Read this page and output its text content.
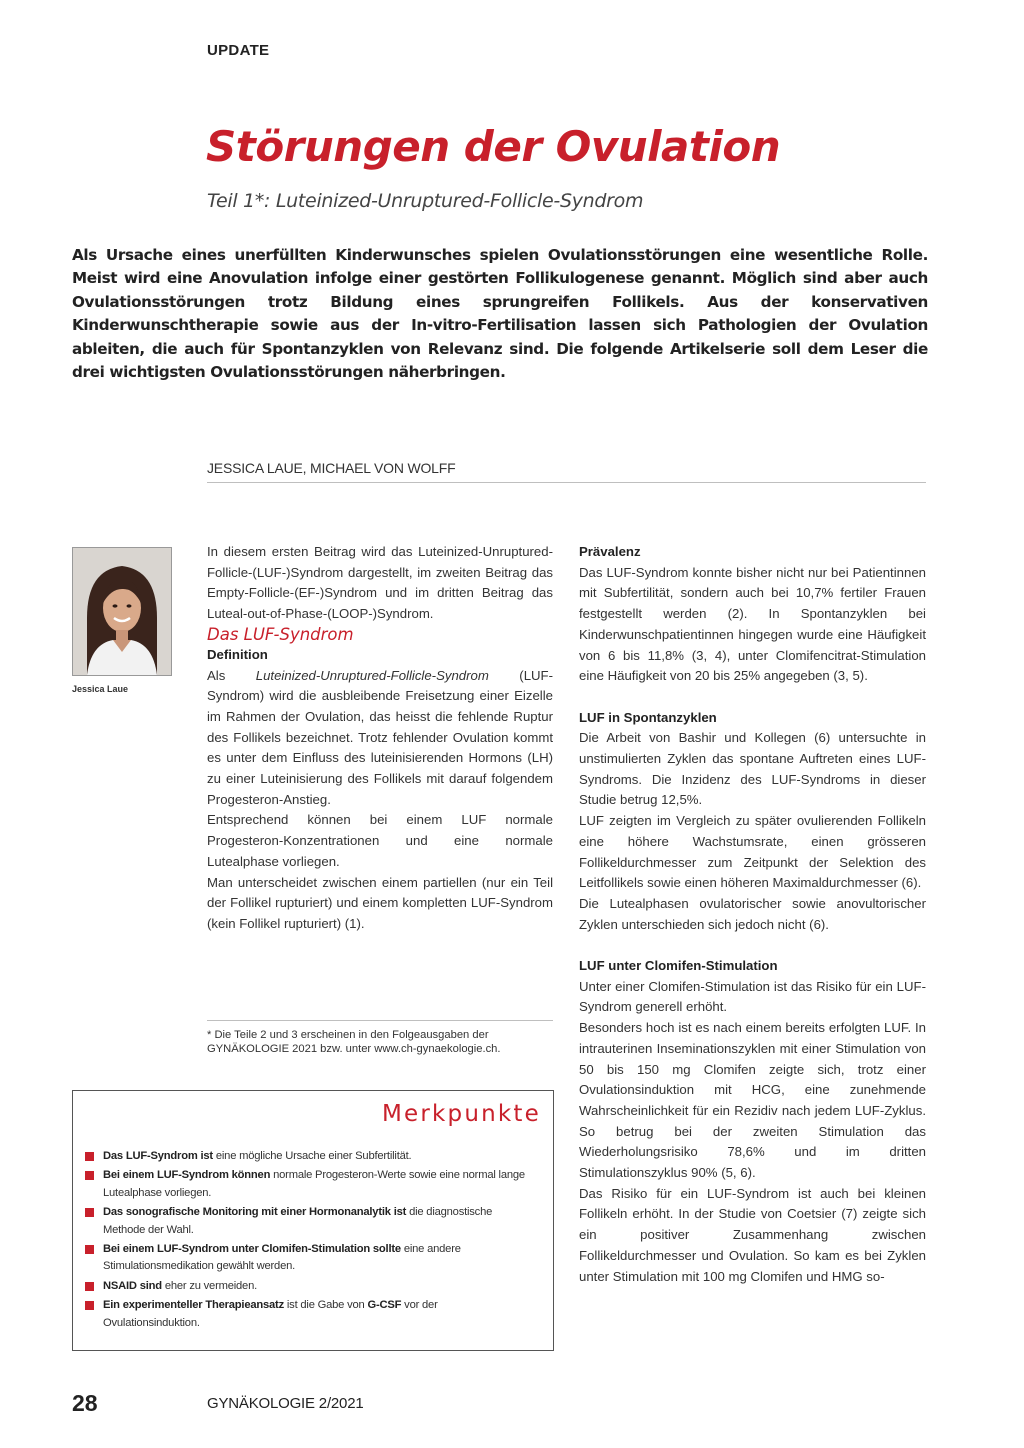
UPDATE
Störungen der Ovulation
Teil 1*: Luteinized-Unruptured-Follicle-Syndrom
Als Ursache eines unerfüllten Kinderwunsches spielen Ovulationsstörungen eine wesentliche Rolle. Meist wird eine Anovulation infolge einer gestörten Follikulogenese genannt. Möglich sind aber auch Ovulationsstörungen trotz Bildung eines sprungreifen Follikels. Aus der konservativen Kinderwunschtherapie sowie aus der In-vitro-Fertilisation lassen sich Pathologien der Ovulation ableiten, die auch für Spontanzyklen von Relevanz sind. Die folgende Artikelserie soll dem Leser die drei wichtigsten Ovulationsstörungen näherbringen.
JESSICA LAUE, MICHAEL VON WOLFF
Jessica Laue

In diesem ersten Beitrag wird das Luteinized-Unruptured-Follicle-(LUF-)Syndrom dargestellt, im zweiten Beitrag das Empty-Follicle-(EF-)Syndrom und im dritten Beitrag das Luteal-out-of-Phase-(LOOP-)Syndrom.

Das LUF-Syndrom

Definition

Als Luteinized-Unruptured-Follicle-Syndrom (LUF-Syndrom) wird die ausbleibende Freisetzung einer Eizelle im Rahmen der Ovulation, das heisst die fehlende Ruptur des Follikels bezeichnet. Trotz fehlender Ovulation kommt es unter dem Einfluss des luteinisierenden Hormons (LH) zu einer Luteinisierung des Follikels mit darauf folgendem Progesteron-Anstieg.

Entsprechend können bei einem LUF normale Progesteron-Konzentrationen und eine normale Lutealphase vorliegen.

Man unterscheidet zwischen einem partiellen (nur ein Teil der Follikel rupturiert) und einem kompletten LUF-Syndrom (kein Follikel rupturiert) (1).

* Die Teile 2 und 3 erscheinen in den Folgeausgaben der GYNÄKOLOGIE 2021 bzw. unter www.ch-gynaekologie.ch.
Merkpunkte
Das LUF-Syndrom ist eine mögliche Ursache einer Subfertilität.
Bei einem LUF-Syndrom können normale Progesteron-Werte sowie eine normal lange Lutealphase vorliegen.
Das sonografische Monitoring mit einer Hormonanalytik ist die diagnostische Methode der Wahl.
Bei einem LUF-Syndrom unter Clomifen-Stimulation sollte eine andere Stimulationsmedikation gewählt werden.
NSAID sind eher zu vermeiden.
Ein experimenteller Therapieansatz ist die Gabe von G-CSF vor der Ovulationsinduktion.

Prävalenz

Das LUF-Syndrom konnte bisher nicht nur bei Patientinnen mit Subfertilität, sondern auch bei 10,7% fertiler Frauen festgestellt werden (2). In Spontanzyklen bei Kinderwunschpatientinnen hingegen wurde eine Häufigkeit von 6 bis 11,8% (3, 4), unter Clomifencitrat-Stimulation eine Häufigkeit von 20 bis 25% angegeben (3, 5).

LUF in Spontanzyklen

Die Arbeit von Bashir und Kollegen (6) untersuchte in unstimulierten Zyklen das spontane Auftreten eines LUF-Syndroms. Die Inzidenz des LUF-Syndroms in dieser Studie betrug 12,5%.

LUF zeigten im Vergleich zu später ovulierenden Follikeln eine höhere Wachstumsrate, einen grösseren Follikeldurchmesser zum Zeitpunkt der Selektion des Leitfollikels sowie einen höheren Maximaldurchmesser (6).

Die Lutealphasen ovulatorischer sowie anovultorischer Zyklen unterschieden sich jedoch nicht (6).

LUF unter Clomifen-Stimulation

Unter einer Clomifen-Stimulation ist das Risiko für ein LUF-Syndrom generell erhöht.

Besonders hoch ist es nach einem bereits erfolgten LUF. In intrauterinen Inseminationszyklen mit einer Stimulation von 50 bis 150 mg Clomifen zeigte sich, trotz einer Ovulationsinduktion mit HCG, eine zunehmende Wahrscheinlichkeit für ein Rezidiv nach jedem LUF-Zyklus. So betrug bei der zweiten Stimulation das Wiederholungsrisiko 78,6% und im dritten Stimulationszyklus 90% (5, 6).

Das Risiko für ein LUF-Syndrom ist auch bei kleinen Follikeln erhöht. In der Studie von Coetsier (7) zeigte sich ein positiver Zusammenhang zwischen Follikeldurchmesser und Ovulation. So kam es bei Zyklen unter Stimulation mit 100 mg Clomifen und HMG so-

28	GYNÄKOLOGIE 2/2021
